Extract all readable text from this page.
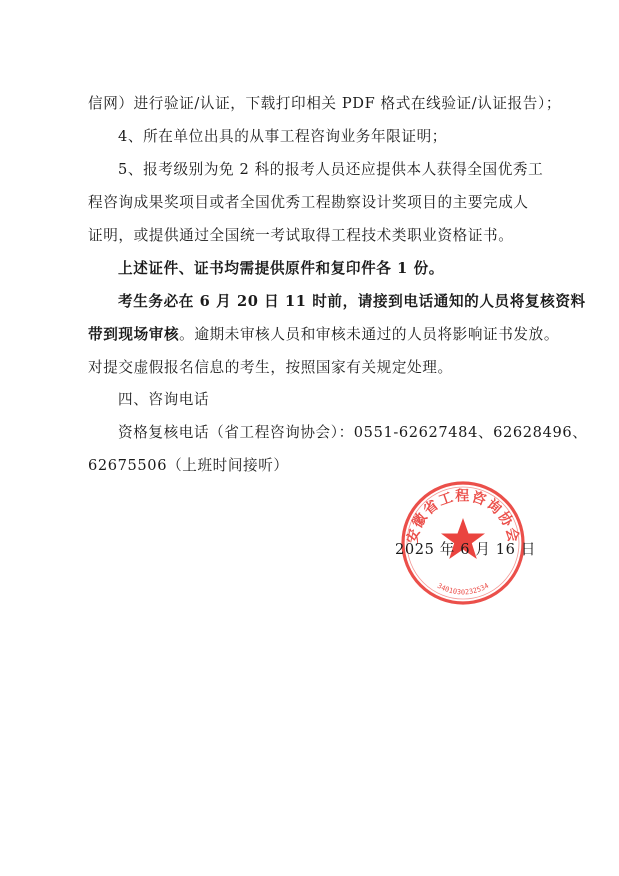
信网）进行验证/认证，下载打印相关 PDF 格式在线验证/认证报告）；
4、所在单位出具的从事工程咨询业务年限证明；
5、报考级别为免 2 科的报考人员还应提供本人获得全国优秀工
程咨询成果奖项目或者全国优秀工程勘察设计奖项目的主要完成人
证明，或提供通过全国统一考试取得工程技术类职业资格证书。
上述证件、证书均需提供原件和复印件各 1 份。
考生务必在 6 月 20 日 11 时前，请接到电话通知的人员将复核资料
带到现场审核。逾期未审核人员和审核未通过的人员将影响证书发放。
对提交虚假报名信息的考生，按照国家有关规定处理。
四、咨询电话
资格复核电话（省工程咨询协会）：0551-62627484、62628496、
62675506（上班时间接听）
安徽省工程咨询协会
3401030232534
2025 年 6 月 16 日
